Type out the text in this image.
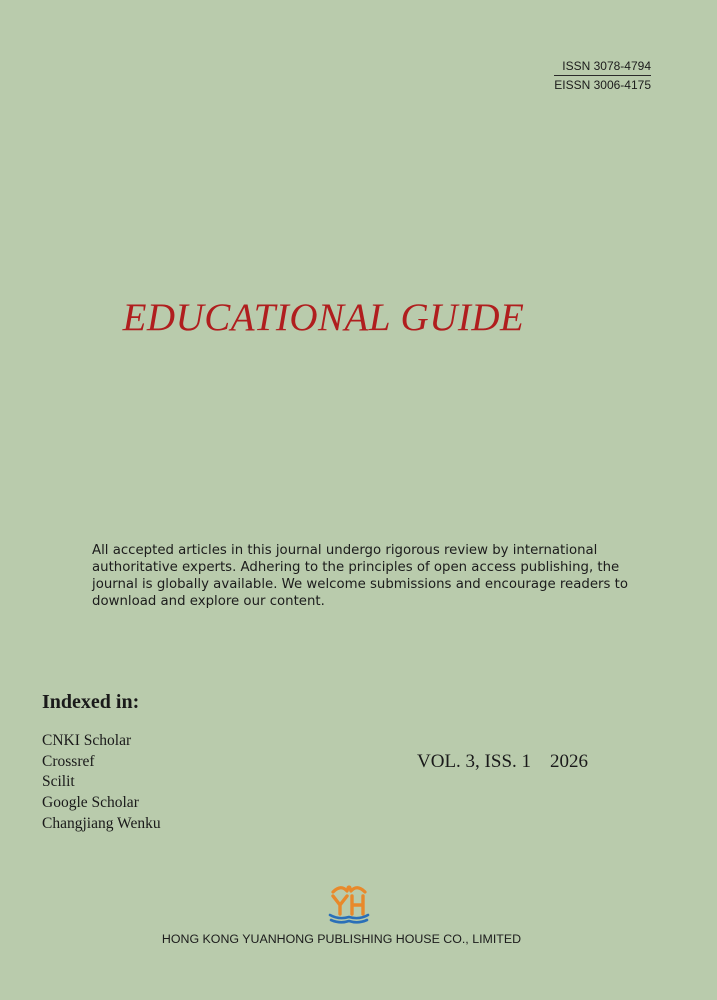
ISSN 3078-4794
EISSN 3006-4175
EDUCATIONAL GUIDE

All accepted articles in this journal undergo rigorous review by international authoritative experts. Adhering to the principles of open access publishing, the journal is globally available. We welcome submissions and encourage readers to download and explore our content.

Indexed in:
CNKI Scholar
Crossref
Scilit
Google Scholar
Changjiang Wenku
VOL. 3, ISS. 1 2026

HONG KONG YUANHONG PUBLISHING HOUSE CO., LIMITED
